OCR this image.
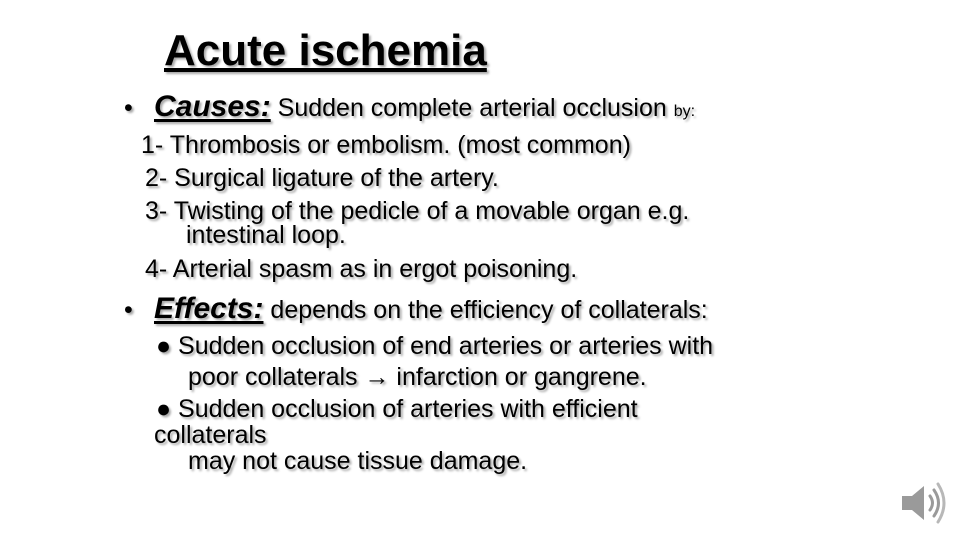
Acute ischemia
• Causes: Sudden complete arterial occlusion by:
1- Thrombosis or embolism. (most common)
2- Surgical ligature of the artery.
3- Twisting of the pedicle of a movable organ e.g.
intestinal loop.
4- Arterial spasm as in ergot poisoning.
• Effects: depends on the efficiency of collaterals:
● Sudden occlusion of end arteries or arteries with
poor collaterals → infarction or gangrene.
● Sudden occlusion of arteries with efficient
collaterals
may not cause tissue damage.
